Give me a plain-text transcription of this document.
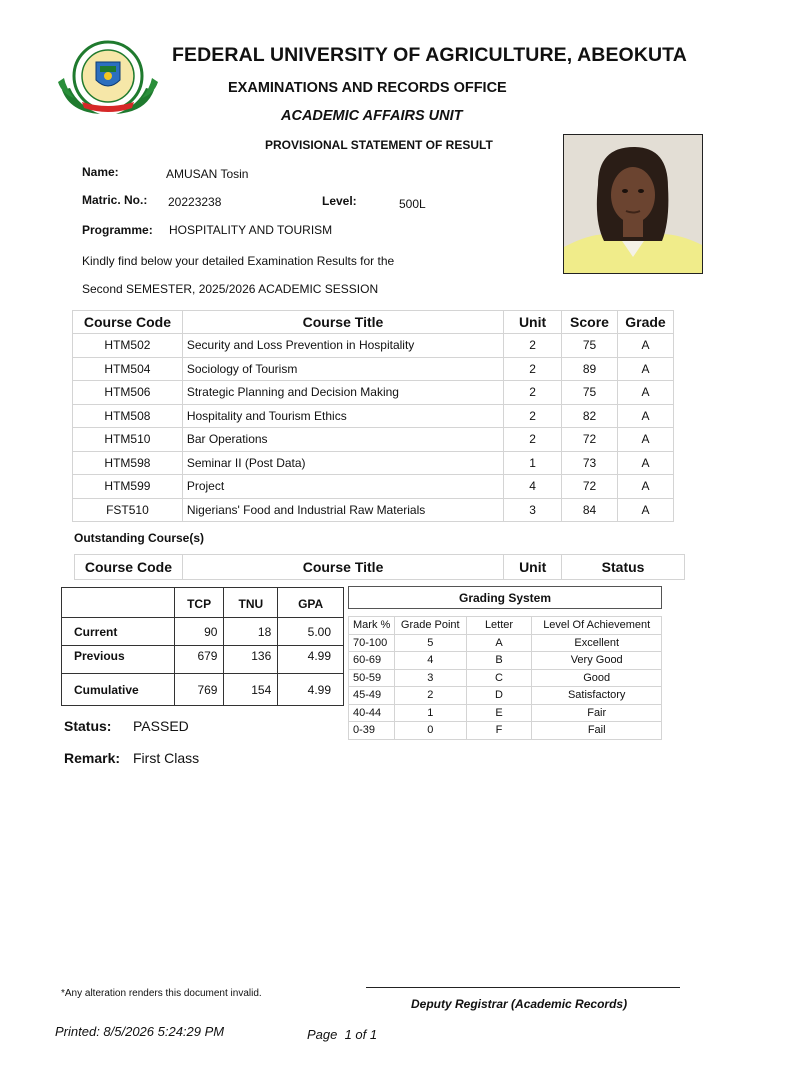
FEDERAL UNIVERSITY OF AGRICULTURE, ABEOKUTA
EXAMINATIONS AND RECORDS OFFICE
ACADEMIC AFFAIRS UNIT
PROVISIONAL STATEMENT OF RESULT
Name:	AMUSAN Tosin
Matric. No.: 20223238	Level:	500L
Programme: HOSPITALITY AND TOURISM
Kindly find below your detailed Examination Results for the
Second SEMESTER, 2025/2026 ACADEMIC SESSION
Course Code	Course Title	Unit	Score	Grade
HTM502	Security and Loss Prevention in Hospitality	2	75	A
HTM504	Sociology of Tourism	2	89	A
HTM506	Strategic Planning and Decision Making	2	75	A
HTM508	Hospitality and Tourism Ethics	2	82	A
HTM510	Bar Operations	2	72	A
HTM598	Seminar II (Post Data)	1	73	A
HTM599	Project	4	72	A
FST510	Nigerians' Food and Industrial Raw Materials	3	84	A
Outstanding Course(s)
Course Code	Course Title	Unit	Status
	TCP	TNU	GPA
Current	90	18	5.00
Previous	679	136	4.99
Cumulative	769	154	4.99
Grading System			

Mark %	Grade Point	Letter	Level Of Achievement
70-100	5	A	Excellent
60-69	4	B	Very Good
50-59	3	C	Good
45-49	2	D	Satisfactory
40-44	1	E	Fair
0-39	0	F	Fail
Status: PASSED
Remark: First Class
*Any alteration renders this document invalid.
Deputy Registrar (Academic Records)
Printed: 8/5/2026 5:24:29 PM	Page  1 of 1
